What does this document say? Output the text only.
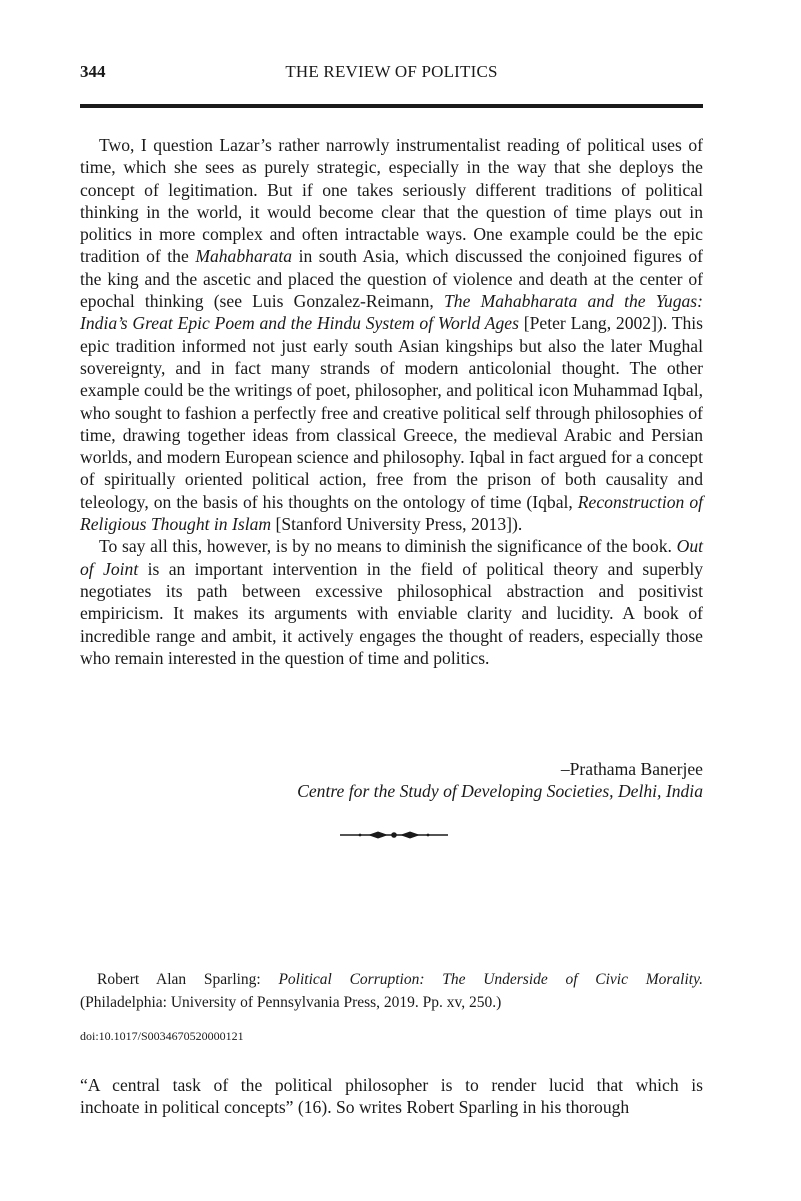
344	THE REVIEW OF POLITICS

Two, I question Lazar’s rather narrowly instrumentalist reading of political uses of time, which she sees as purely strategic, especially in the way that she deploys the concept of legitimation. But if one takes seriously different traditions of political thinking in the world, it would become clear that the question of time plays out in politics in more complex and often intractable ways. One example could be the epic tradition of the Mahabharata in south Asia, which discussed the conjoined figures of the king and the ascetic and placed the question of violence and death at the center of epochal thinking (see Luis Gonzalez-Reimann, The Mahabharata and the Yugas: India’s Great Epic Poem and the Hindu System of World Ages [Peter Lang, 2002]). This epic tradition informed not just early south Asian kingships but also the later Mughal sovereignty, and in fact many strands of modern anticolonial thought. The other example could be the writings of poet, philosopher, and political icon Muhammad Iqbal, who sought to fashion a perfectly free and creative political self through philosophies of time, drawing together ideas from classical Greece, the medieval Arabic and Persian worlds, and modern European science and philosophy. Iqbal in fact argued for a concept of spiritually oriented political action, free from the prison of both causality and teleology, on the basis of his thoughts on the ontology of time (Iqbal, Reconstruction of Religious Thought in Islam [Stanford University Press, 2013]).

To say all this, however, is by no means to diminish the significance of the book. Out of Joint is an important intervention in the field of political theory and superbly negotiates its path between excessive philosophical abstraction and positivist empiricism. It makes its arguments with enviable clarity and lucidity. A book of incredible range and ambit, it actively engages the thought of readers, especially those who remain interested in the question of time and politics.

–Prathama Banerjee
Centre for the Study of Developing Societies, Delhi, India
Robert Alan Sparling: Political Corruption: The Underside of Civic Morality.
(Philadelphia: University of Pennsylvania Press, 2019. Pp. xv, 250.)
doi:10.1017/S0034670520000121
“A central task of the political philosopher is to render lucid that which is
inchoate in political concepts” (16). So writes Robert Sparling in his thorough
